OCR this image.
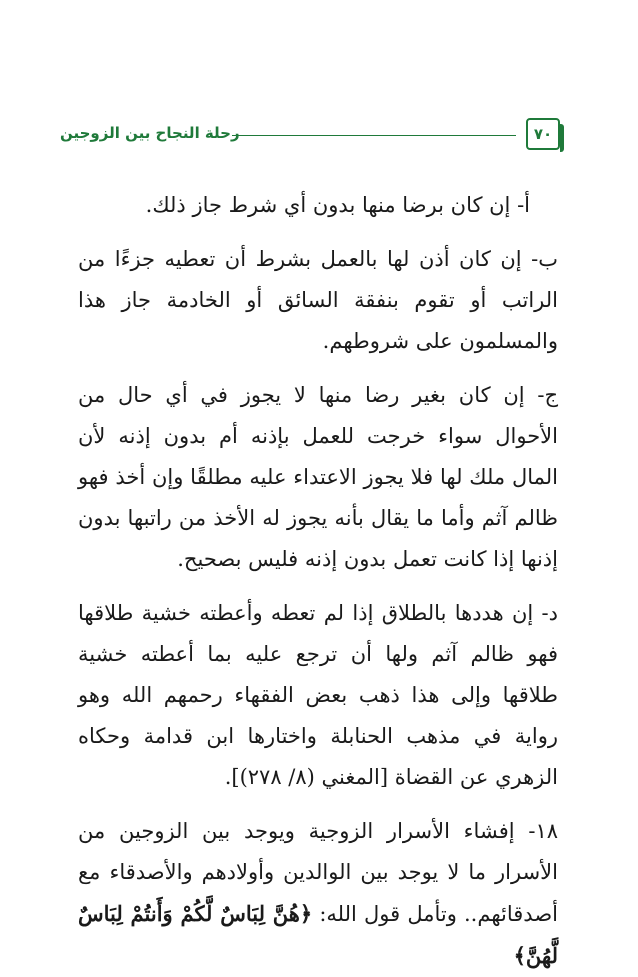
رحلة النجاح بين الزوجين	٧٠

أ- إن كان برضا منها بدون أي شرط جاز ذلك.

ب- إن كان أذن لها بالعمل بشرط أن تعطيه جزءًا من الراتب أو تقوم بنفقة السائق أو الخادمة جاز هذا والمسلمون على شروطهم.

ج- إن كان بغير رضا منها لا يجوز في أي حال من الأحوال سواء خرجت للعمل بإذنه أم بدون إذنه لأن المال ملك لها فلا يجوز الاعتداء عليه مطلقًا وإن أخذ فهو ظالم آثم وأما ما يقال بأنه يجوز له الأخذ من راتبها بدون إذنها إذا كانت تعمل بدون إذنه فليس بصحيح.

د- إن هددها بالطلاق إذا لم تعطه وأعطته خشية طلاقها فهو ظالم آثم ولها أن ترجع عليه بما أعطته خشية طلاقها وإلى هذا ذهب بعض الفقهاء رحمهم الله وهو رواية في مذهب الحنابلة واختارها ابن قدامة وحكاه الزهري عن القضاة [المغني (٨/ ٢٧٨)].

١٨- إفشاء الأسرار الزوجية ويوجد بين الزوجين من الأسرار ما لا يوجد بين الوالدين وأولادهم والأصدقاء مع أصدقائهم.. وتأمل قول الله: ﴿هُنَّ لِبَاسٌ لَّكُمْ وَأَنتُمْ لِبَاسٌ لَّهُنَّ﴾
